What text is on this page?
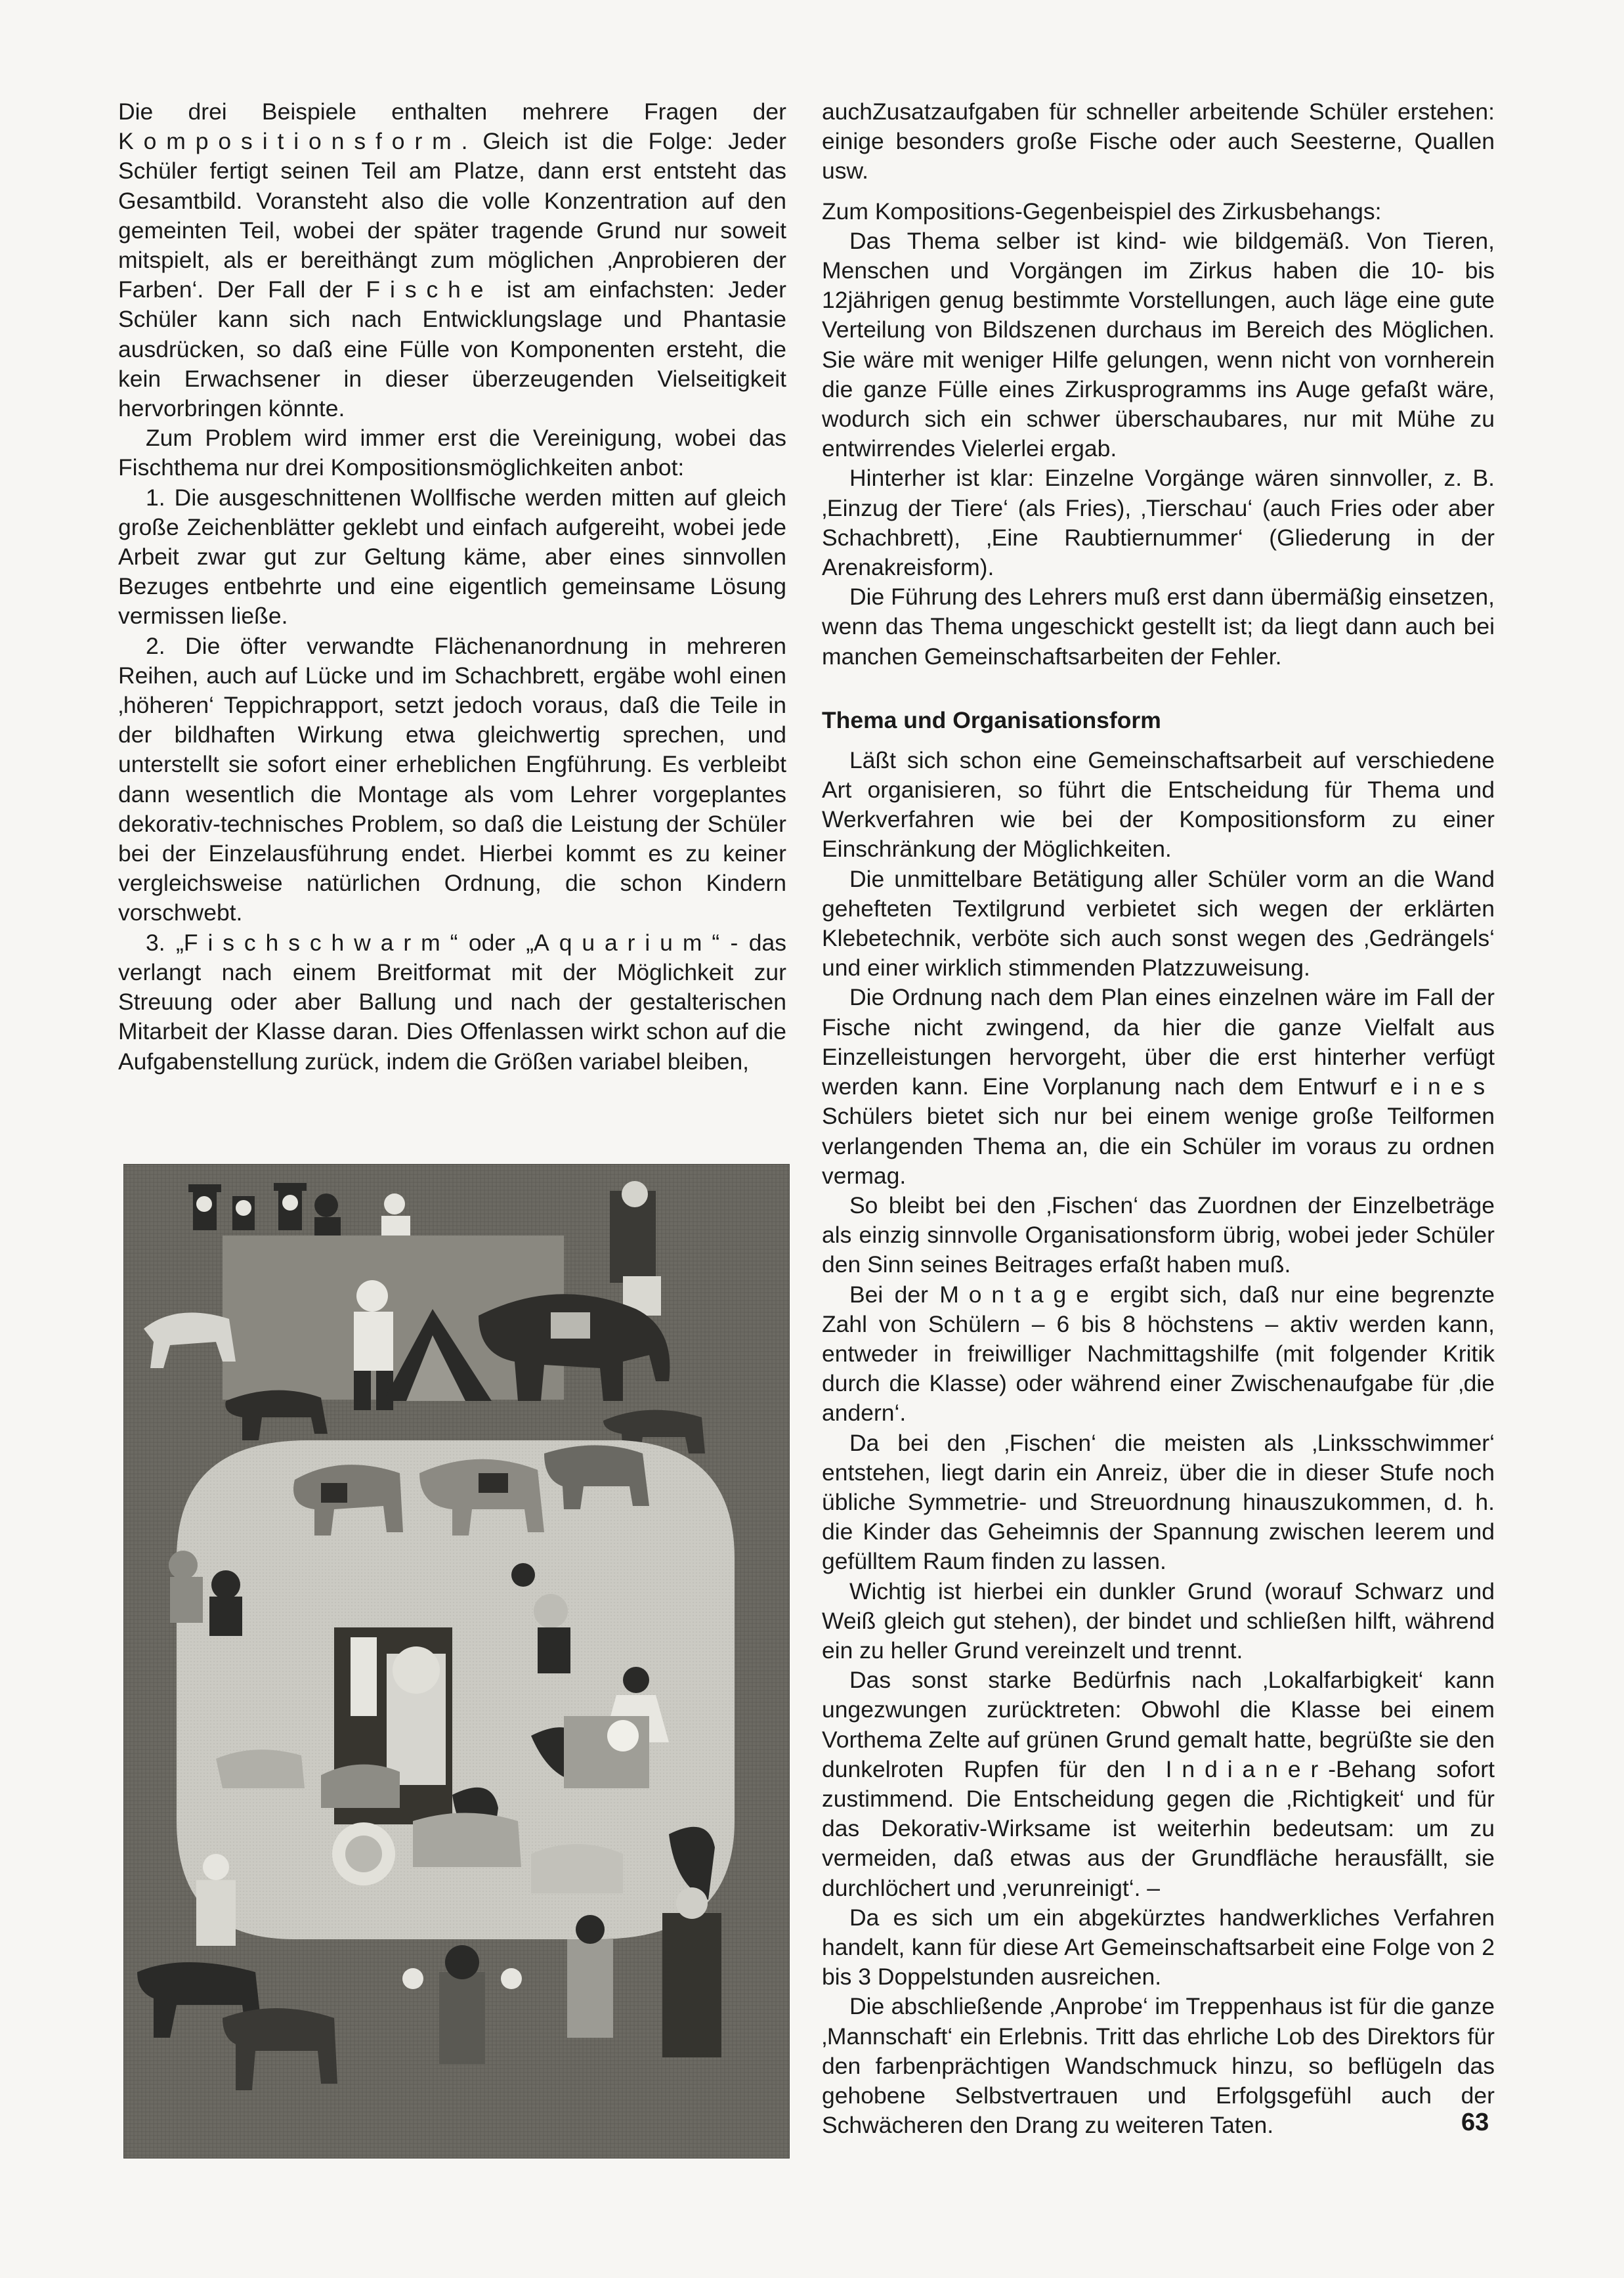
Die drei Beispiele enthalten mehrere Fragen der Kompositionsform. Gleich ist die Folge: Jeder Schüler fertigt seinen Teil am Platze, dann erst entsteht das Gesamtbild. Voransteht also die volle Konzentration auf den gemeinten Teil, wobei der später tragende Grund nur soweit mitspielt, als er bereithängt zum möglichen ‚Anprobieren der Farben‘. Der Fall der Fische ist am einfachsten: Jeder Schüler kann sich nach Entwicklungslage und Phantasie ausdrücken, so daß eine Fülle von Komponenten ersteht, die kein Erwachsener in dieser überzeugenden Vielseitigkeit hervorbringen könnte.

Zum Problem wird immer erst die Vereinigung, wobei das Fischthema nur drei Kompositionsmöglichkeiten anbot:

1. Die ausgeschnittenen Wollfische werden mitten auf gleich große Zeichenblätter geklebt und einfach aufgereiht, wobei jede Arbeit zwar gut zur Geltung käme, aber eines sinnvollen Bezuges entbehrte und eine eigentlich gemeinsame Lösung vermissen ließe.

2. Die öfter verwandte Flächenanordnung in mehreren Reihen, auch auf Lücke und im Schachbrett, ergäbe wohl einen ‚höheren‘ Teppichrapport, setzt jedoch voraus, daß die Teile in der bildhaften Wirkung etwa gleichwertig sprechen, und unterstellt sie sofort einer erheblichen Engführung. Es verbleibt dann wesentlich die Montage als vom Lehrer vorgeplantes dekorativ-technisches Problem, so daß die Leistung der Schüler bei der Einzelausführung endet. Hierbei kommt es zu keiner vergleichsweise natürlichen Ordnung, die schon Kindern vorschwebt.

3. „Fischschwarm“ oder „Aquarium“ - das verlangt nach einem Breitformat mit der Möglichkeit zur Streuung oder aber Ballung und nach der gestalterischen Mitarbeit der Klasse daran. Dies Offenlassen wirkt schon auf die Aufgabenstellung zurück, indem die Größen variabel bleiben,

auchZusatzaufgaben für schneller arbeitende Schüler erstehen: einige besonders große Fische oder auch Seesterne, Quallen usw.

Zum Kompositions-Gegenbeispiel des Zirkusbehangs:

Das Thema selber ist kind- wie bildgemäß. Von Tieren, Menschen und Vorgängen im Zirkus haben die 10- bis 12jährigen genug bestimmte Vorstellungen, auch läge eine gute Verteilung von Bildszenen durchaus im Bereich des Möglichen. Sie wäre mit weniger Hilfe gelungen, wenn nicht von vornherein die ganze Fülle eines Zirkusprogramms ins Auge gefaßt wäre, wodurch sich ein schwer überschaubares, nur mit Mühe zu entwirrendes Vielerlei ergab.

Hinterher ist klar: Einzelne Vorgänge wären sinnvoller, z. B. ‚Einzug der Tiere‘ (als Fries), ‚Tierschau‘ (auch Fries oder aber Schachbrett), ‚Eine Raubtiernummer‘ (Gliederung in der Arenakreisform).

Die Führung des Lehrers muß erst dann übermäßig einsetzen, wenn das Thema ungeschickt gestellt ist; da liegt dann auch bei manchen Gemeinschaftsarbeiten der Fehler.

Thema und Organisationsform

Läßt sich schon eine Gemeinschaftsarbeit auf verschiedene Art organisieren, so führt die Entscheidung für Thema und Werkverfahren wie bei der Kompositionsform zu einer Einschränkung der Möglichkeiten.

Die unmittelbare Betätigung aller Schüler vorm an die Wand gehefteten Textilgrund verbietet sich wegen der erklärten Klebetechnik, verböte sich auch sonst wegen des ‚Gedrängels‘ und einer wirklich stimmenden Platzzuweisung.

Die Ordnung nach dem Plan eines einzelnen wäre im Fall der Fische nicht zwingend, da hier die ganze Vielfalt aus Einzelleistungen hervorgeht, über die erst hinterher verfügt werden kann. Eine Vorplanung nach dem Entwurf eines Schülers bietet sich nur bei einem wenige große Teilformen verlangenden Thema an, die ein Schüler im voraus zu ordnen vermag.

So bleibt bei den ‚Fischen‘ das Zuordnen der Einzelbeträge als einzig sinnvolle Organisationsform übrig, wobei jeder Schüler den Sinn seines Beitrages erfaßt haben muß.

Bei der Montage ergibt sich, daß nur eine begrenzte Zahl von Schülern – 6 bis 8 höchstens – aktiv werden kann, entweder in freiwilliger Nachmittagshilfe (mit folgender Kritik durch die Klasse) oder während einer Zwischenaufgabe für ‚die andern‘.

Da bei den ‚Fischen‘ die meisten als ‚Linksschwimmer‘ entstehen, liegt darin ein Anreiz, über die in dieser Stufe noch übliche Symmetrie- und Streuordnung hinauszukommen, d. h. die Kinder das Geheimnis der Spannung zwischen leerem und gefülltem Raum finden zu lassen.

Wichtig ist hierbei ein dunkler Grund (worauf Schwarz und Weiß gleich gut stehen), der bindet und schließen hilft, während ein zu heller Grund vereinzelt und trennt.

Das sonst starke Bedürfnis nach ‚Lokalfarbigkeit‘ kann ungezwungen zurücktreten: Obwohl die Klasse bei einem Vorthema Zelte auf grünen Grund gemalt hatte, begrüßte sie den dunkelroten Rupfen für den Indianer-Behang sofort zustimmend. Die Entscheidung gegen die ‚Richtigkeit‘ und für das Dekorativ-Wirksame ist weiterhin bedeutsam: um zu vermeiden, daß etwas aus der Grundfläche herausfällt, sie durchlöchert und ‚verunreinigt‘. –

Da es sich um ein abgekürztes handwerkliches Verfahren handelt, kann für diese Art Gemeinschaftsarbeit eine Folge von 2 bis 3 Doppelstunden ausreichen.

Die abschließende ‚Anprobe‘ im Treppenhaus ist für die ganze ‚Mannschaft‘ ein Erlebnis. Tritt das ehrliche Lob des Direktors für den farbenprächtigen Wandschmuck hinzu, so beflügeln das gehobene Selbstvertrauen und Erfolgsgefühl auch der Schwächeren den Drang zu weiteren Taten.	63
